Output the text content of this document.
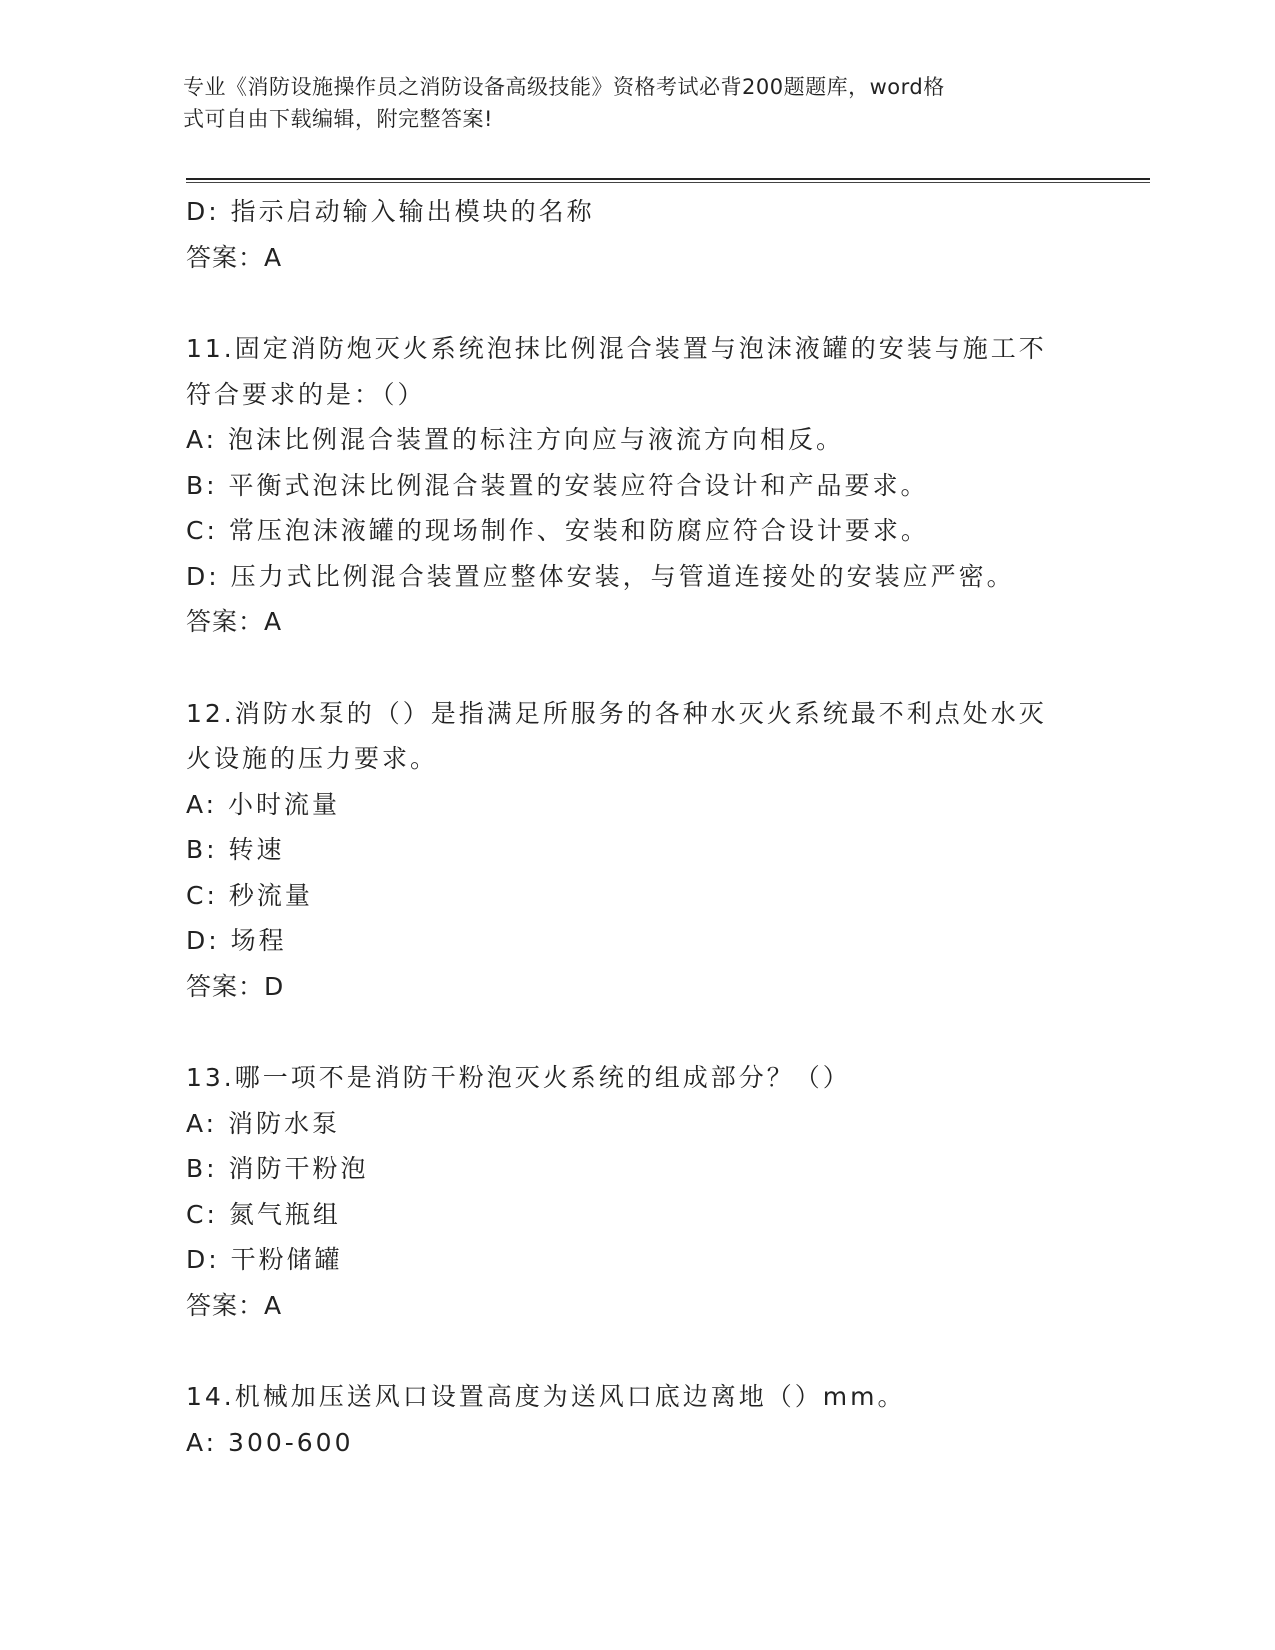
专业《消防设施操作员之消防设备高级技能》资格考试必背200题题库，word格
式可自由下载编辑，附完整答案!
D: 指示启动输入输出模块的名称
答案：A
11.固定消防炮灭火系统泡抹比例混合装置与泡沫液罐的安装与施工不
符合要求的是：（）
A: 泡沫比例混合装置的标注方向应与液流方向相反。
B: 平衡式泡沫比例混合装置的安装应符合设计和产品要求。
C: 常压泡沫液罐的现场制作、安装和防腐应符合设计要求。
D: 压力式比例混合装置应整体安装，与管道连接处的安装应严密。
答案：A
12.消防水泵的（）是指满足所服务的各种水灭火系统最不利点处水灭
火设施的压力要求。
A: 小时流量
B: 转速
C: 秒流量
D: 场程
答案：D
13.哪一项不是消防干粉泡灭火系统的组成部分？（）
A: 消防水泵
B: 消防干粉泡
C: 氮气瓶组
D: 干粉储罐
答案：A
14.机械加压送风口设置高度为送风口底边离地（）mm。
A: 300-600
